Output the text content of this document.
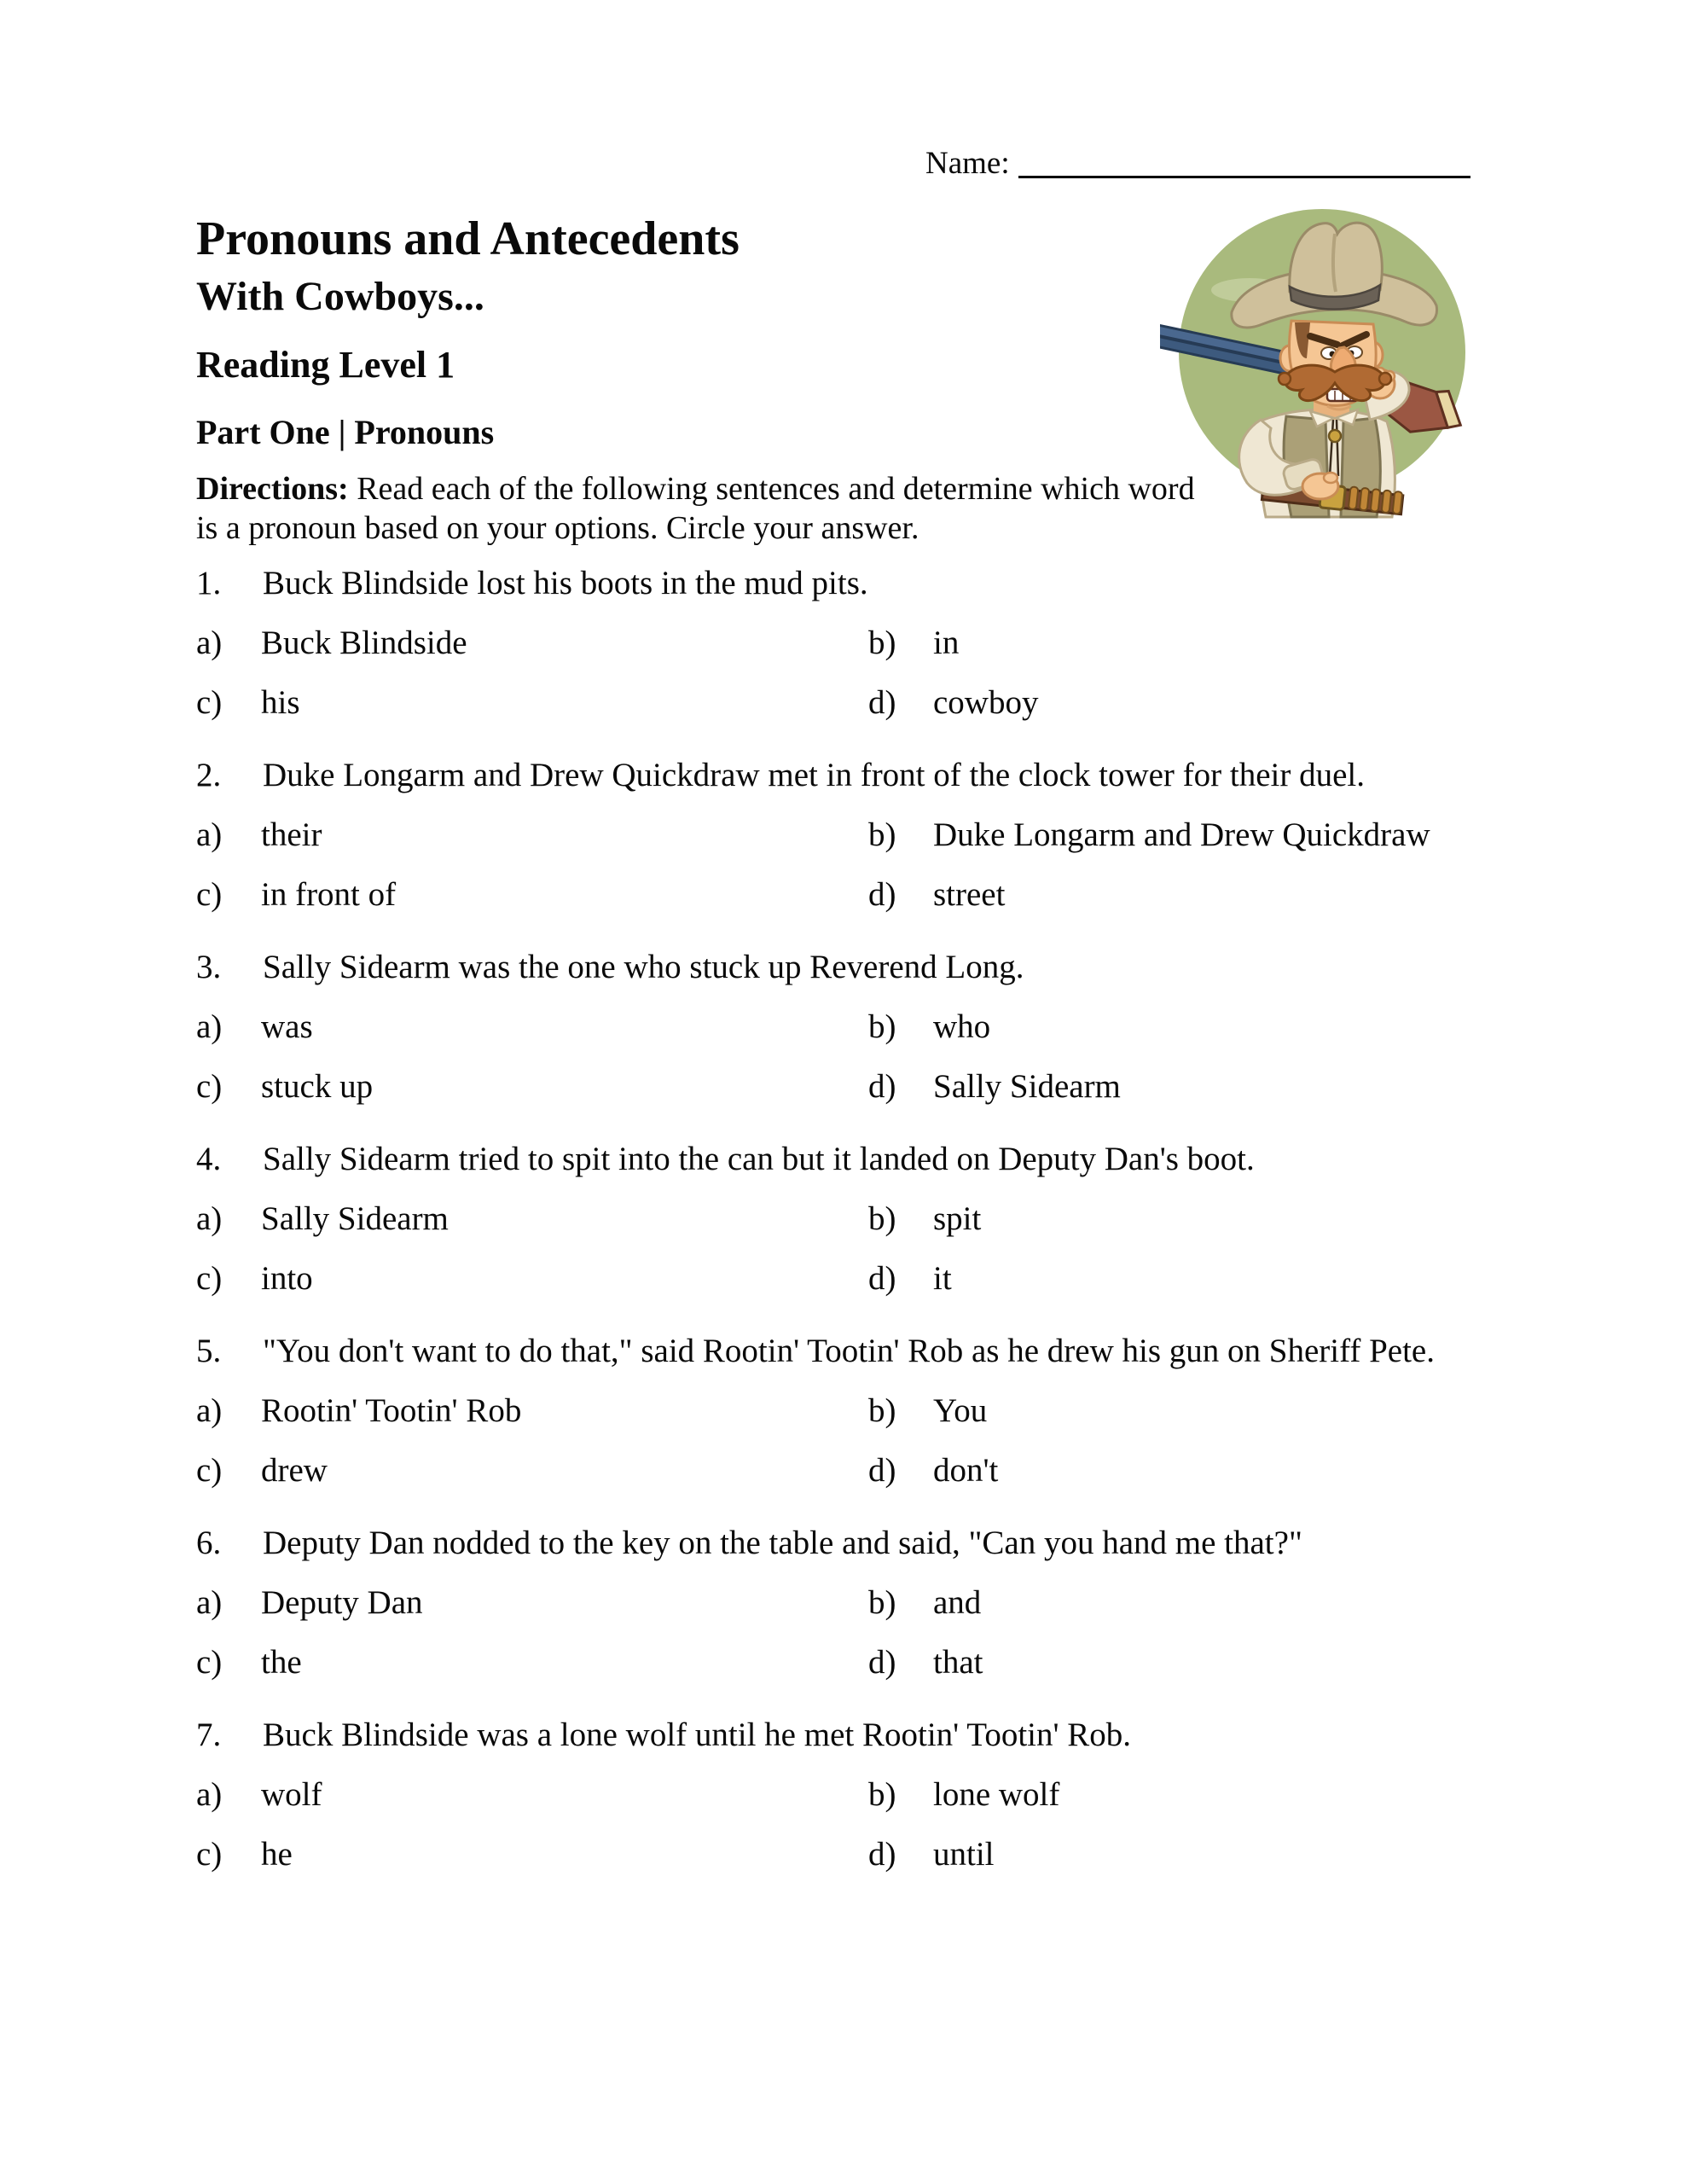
Name:
Pronouns and Antecedents
With Cowboys...
Reading Level 1
Part One | Pronouns

Directions: Read each of the following sentences and determine which word is a pronoun based on your options. Circle your answer.

1.	Buck Blindside lost his boots in the mud pits.
a) Buck Blindside	b) in
c) his	d) cowboy
2.	Duke Longarm and Drew Quickdraw met in front of the clock tower for their duel.
a) their	b) Duke Longarm and Drew Quickdraw
c) in front of	d) street
3.	Sally Sidearm was the one who stuck up Reverend Long.
a) was	b) who
c) stuck up	d) Sally Sidearm
4.	Sally Sidearm tried to spit into the can but it landed on Deputy Dan's boot.
a) Sally Sidearm	b) spit
c) into	d) it
5.	"You don't want to do that," said Rootin' Tootin' Rob as he drew his gun on Sheriff Pete.
a) Rootin' Tootin' Rob	b) You
c) drew	d) don't
6.	Deputy Dan nodded to the key on the table and said, "Can you hand me that?"
a) Deputy Dan	b) and
c) the	d) that
7.	Buck Blindside was a lone wolf until he met Rootin' Tootin' Rob.
a) wolf	b) lone wolf
c) he	d) until
